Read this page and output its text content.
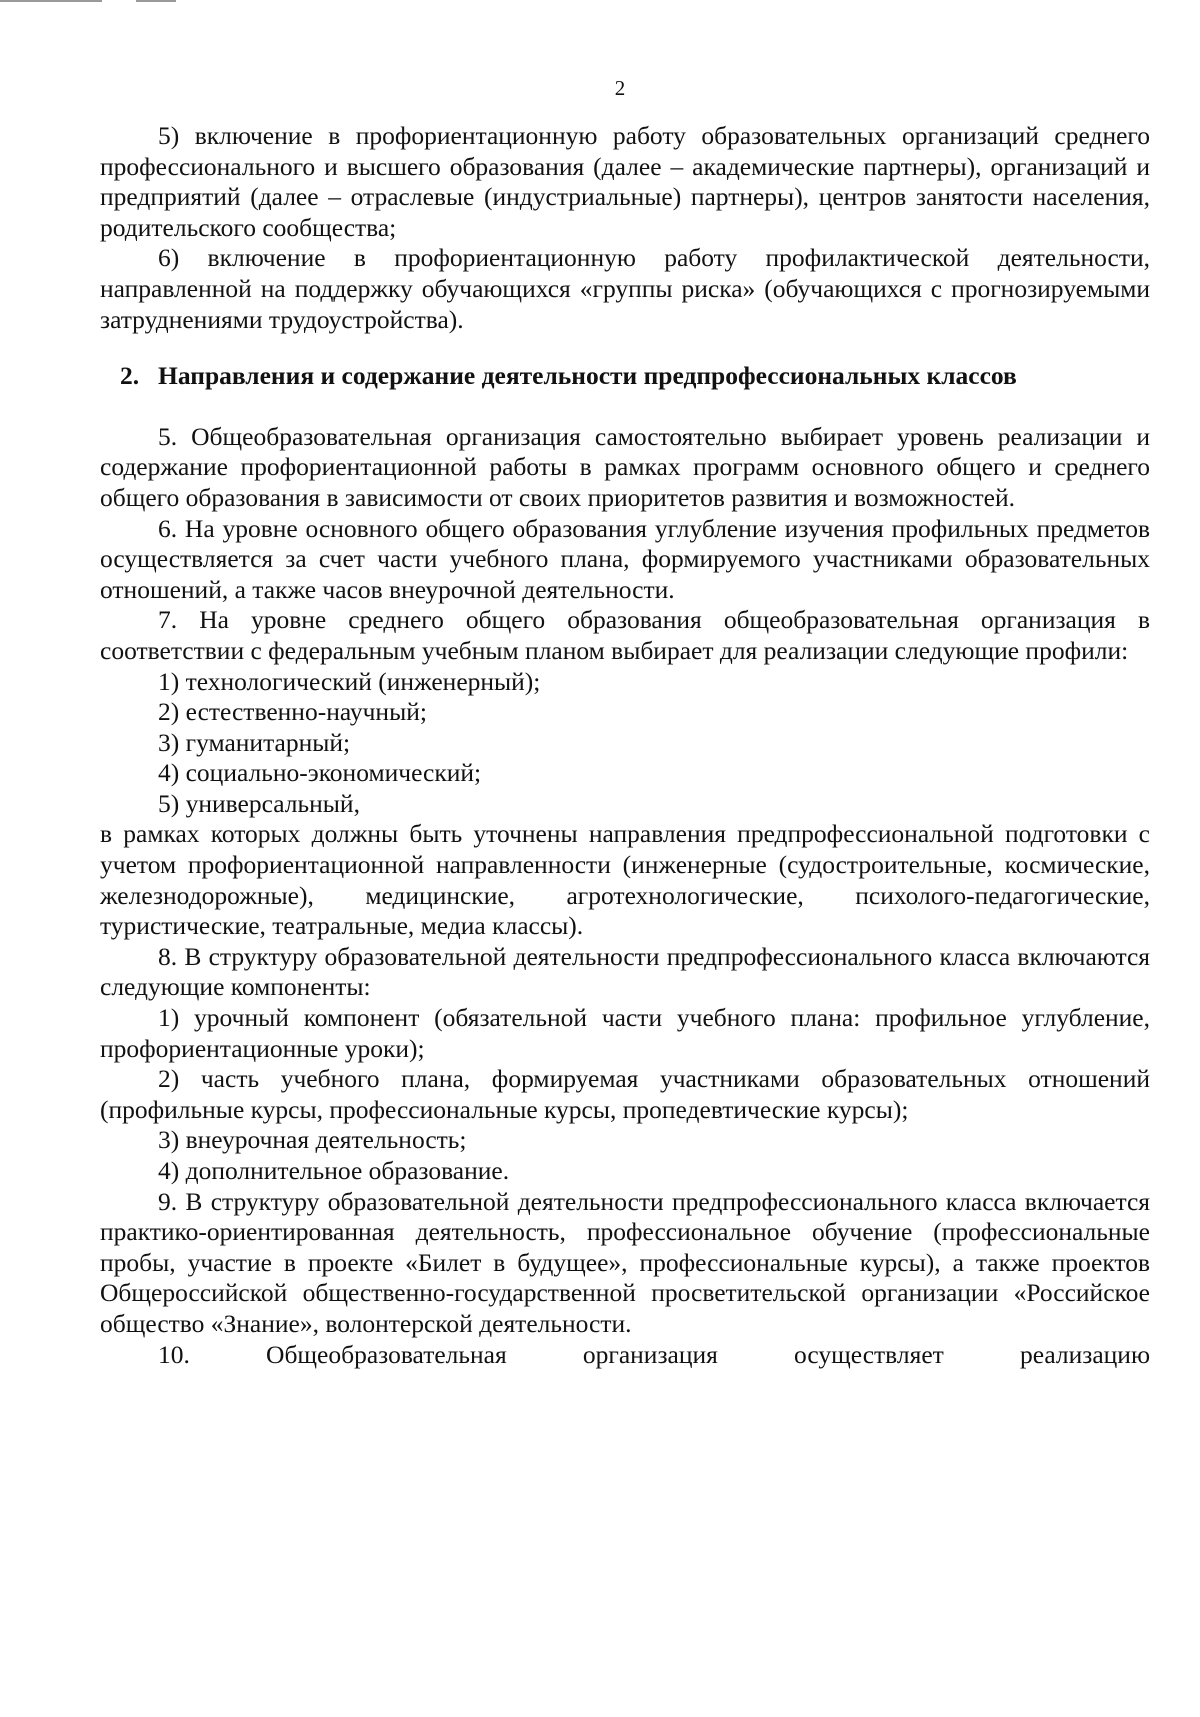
2

5) включение в профориентационную работу образовательных организаций среднего профессионального и высшего образования (далее – академические партнеры), организаций и предприятий (далее – отраслевые (индустриальные) партнеры), центров занятости населения, родительского сообщества;

6) включение в профориентационную работу профилактической деятельности, направленной на поддержку обучающихся «группы риска» (обучающихся с прогнозируемыми затруднениями трудоустройства).

2. Направления и содержание деятельности предпрофессиональных классов

5. Общеобразовательная организация самостоятельно выбирает уровень реализации и содержание профориентационной работы в рамках программ основного общего и среднего общего образования в зависимости от своих приоритетов развития и возможностей.

6. На уровне основного общего образования углубление изучения профильных предметов осуществляется за счет части учебного плана, формируемого участниками образовательных отношений, а также часов внеурочной деятельности.

7. На уровне среднего общего образования общеобразовательная организация в соответствии с федеральным учебным планом выбирает для реализации следующие профили:

1) технологический (инженерный);

2) естественно-научный;

3) гуманитарный;

4) социально-экономический;

5) универсальный,

в рамках которых должны быть уточнены направления предпрофессиональной подготовки с учетом профориентационной направленности (инженерные (судостроительные, космические, железнодорожные), медицинские, агротехнологические, психолого-педагогические, туристические, театральные, медиа классы).

8. В структуру образовательной деятельности предпрофессионального класса включаются следующие компоненты:

1) урочный компонент (обязательной части учебного плана: профильное углубление, профориентационные уроки);

2) часть учебного плана, формируемая участниками образовательных отношений (профильные курсы, профессиональные курсы, пропедевтические курсы);

3) внеурочная деятельность;

4) дополнительное образование.

9. В структуру образовательной деятельности предпрофессионального класса включается практико-ориентированная деятельность, профессиональное обучение (профессиональные пробы, участие в проекте «Билет в будущее», профессиональные курсы), а также проектов Общероссийской общественно-государственной просветительской организации «Российское общество «Знание», волонтерской деятельности.

10. Общеобразовательная организация осуществляет реализацию
